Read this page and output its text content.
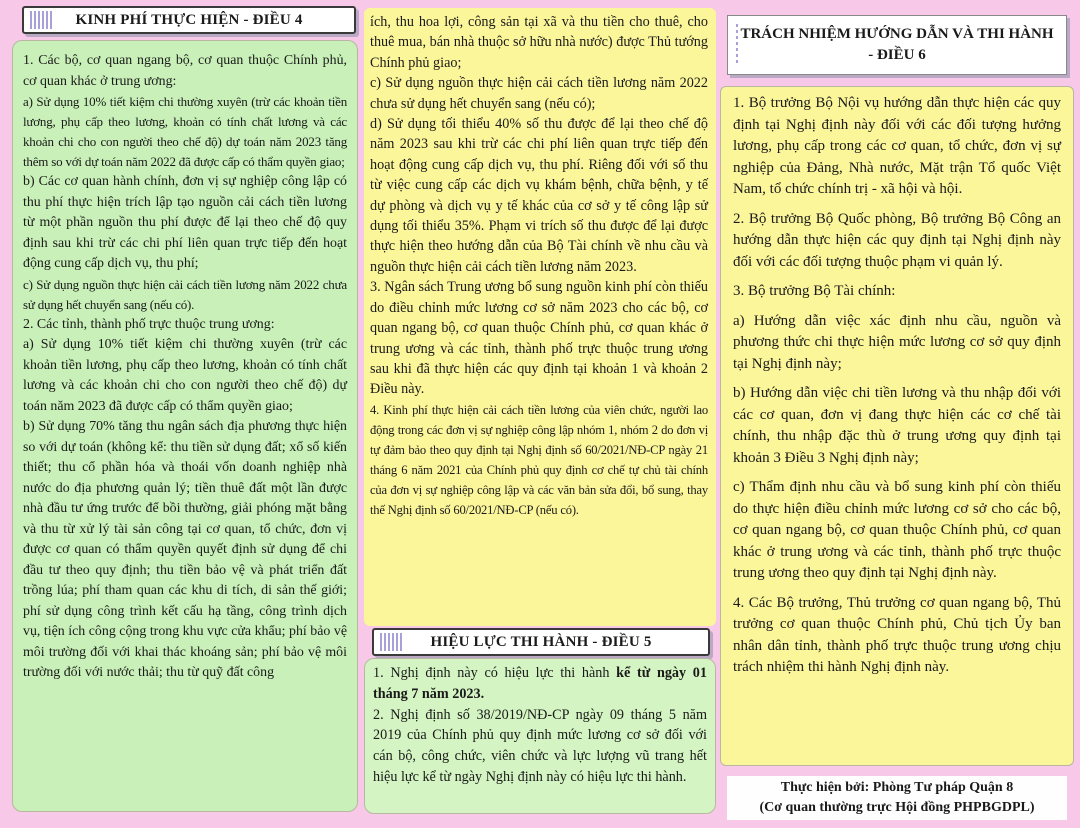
KINH PHÍ THỰC HIỆN - ĐIỀU 4

1. Các bộ, cơ quan ngang bộ, cơ quan thuộc Chính phủ, cơ quan khác ở trung ương:

a) Sử dụng 10% tiết kiệm chi thường xuyên (trừ các khoản tiền lương, phụ cấp theo lương, khoản có tính chất lương và các khoản chi cho con người theo chế độ) dự toán năm 2023 tăng thêm so với dự toán năm 2022 đã được cấp có thẩm quyền giao;

b) Các cơ quan hành chính, đơn vị sự nghiệp công lập có thu phí thực hiện trích lập tạo nguồn cải cách tiền lương từ một phần nguồn thu phí được để lại theo chế độ quy định sau khi trừ các chi phí liên quan trực tiếp đến hoạt động cung cấp dịch vụ, thu phí;

c) Sử dụng nguồn thực hiện cải cách tiền lương năm 2022 chưa sử dụng hết chuyển sang (nếu có).

2. Các tỉnh, thành phố trực thuộc trung ương:

a) Sử dụng 10% tiết kiệm chi thường xuyên (trừ các khoản tiền lương, phụ cấp theo lương, khoản có tính chất lương và các khoản chi cho con người theo chế độ) dự toán năm 2023 đã được cấp có thẩm quyền giao;

b) Sử dụng 70% tăng thu ngân sách địa phương thực hiện so với dự toán (không kể: thu tiền sử dụng đất; xổ số kiến thiết; thu cổ phần hóa và thoái vốn doanh nghiệp nhà nước do địa phương quản lý; tiền thuê đất một lần được nhà đầu tư ứng trước để bồi thường, giải phóng mặt bằng và thu từ xử lý tài sản công tại cơ quan, tổ chức, đơn vị được cơ quan có thẩm quyền quyết định sử dụng để chi đầu tư theo quy định; thu tiền bảo vệ và phát triển đất trồng lúa; phí tham quan các khu di tích, di sản thế giới; phí sử dụng công trình kết cấu hạ tầng, công trình dịch vụ, tiện ích công cộng trong khu vực cửa khẩu; phí bảo vệ môi trường đối với khai thác khoáng sản; phí bảo vệ môi trường đối với nước thải; thu từ quỹ đất công

ích, thu hoa lợi, công sản tại xã và thu tiền cho thuê, cho thuê mua, bán nhà thuộc sở hữu nhà nước) được Thủ tướng Chính phủ giao;

c) Sử dụng nguồn thực hiện cải cách tiền lương năm 2022 chưa sử dụng hết chuyển sang (nếu có);

d) Sử dụng tối thiểu 40% số thu được để lại theo chế độ năm 2023 sau khi trừ các chi phí liên quan trực tiếp đến hoạt động cung cấp dịch vụ, thu phí. Riêng đối với số thu từ việc cung cấp các dịch vụ khám bệnh, chữa bệnh, y tế dự phòng và dịch vụ y tế khác của cơ sở y tế công lập sử dụng tối thiểu 35%. Phạm vi trích số thu được để lại được thực hiện theo hướng dẫn của Bộ Tài chính về nhu cầu và nguồn thực hiện cải cách tiền lương năm 2023.

3. Ngân sách Trung ương bổ sung nguồn kinh phí còn thiếu do điều chỉnh mức lương cơ sở năm 2023 cho các bộ, cơ quan ngang bộ, cơ quan thuộc Chính phủ, cơ quan khác ở trung ương và các tỉnh, thành phố trực thuộc trung ương sau khi đã thực hiện các quy định tại khoản 1 và khoản 2 Điều này.

4. Kinh phí thực hiện cải cách tiền lương của viên chức, người lao động trong các đơn vị sự nghiệp công lập nhóm 1, nhóm 2 do đơn vị tự đảm bảo theo quy định tại Nghị định số 60/2021/NĐ-CP ngày 21 tháng 6 năm 2021 của Chính phủ quy định cơ chế tự chủ tài chính của đơn vị sự nghiệp công lập và các văn bản sửa đổi, bổ sung, thay thế Nghị định số 60/2021/NĐ-CP (nếu có).

HIỆU LỰC THI HÀNH - ĐIỀU 5

1. Nghị định này có hiệu lực thi hành kể từ ngày 01 tháng 7 năm 2023.

2. Nghị định số 38/2019/NĐ-CP ngày 09 tháng 5 năm 2019 của Chính phủ quy định mức lương cơ sở đối với cán bộ, công chức, viên chức và lực lượng vũ trang hết hiệu lực kể từ ngày Nghị định này có hiệu lực thi hành.

TRÁCH NHIỆM HƯỚNG DẪN VÀ THI HÀNH
- ĐIỀU 6

1. Bộ trưởng Bộ Nội vụ hướng dẫn thực hiện các quy định tại Nghị định này đối với các đối tượng hưởng lương, phụ cấp trong các cơ quan, tổ chức, đơn vị sự nghiệp của Đảng, Nhà nước, Mặt trận Tổ quốc Việt Nam, tổ chức chính trị - xã hội và hội.

2. Bộ trưởng Bộ Quốc phòng, Bộ trưởng Bộ Công an hướng dẫn thực hiện các quy định tại Nghị định này đối với các đối tượng thuộc phạm vi quản lý.

3. Bộ trưởng Bộ Tài chính:

a) Hướng dẫn việc xác định nhu cầu, nguồn và phương thức chi thực hiện mức lương cơ sở quy định tại Nghị định này;

b) Hướng dẫn việc chi tiền lương và thu nhập đối với các cơ quan, đơn vị đang thực hiện các cơ chế tài chính, thu nhập đặc thù ở trung ương quy định tại khoản 3 Điều 3 Nghị định này;

c) Thẩm định nhu cầu và bổ sung kinh phí còn thiếu do thực hiện điều chỉnh mức lương cơ sở cho các bộ, cơ quan ngang bộ, cơ quan thuộc Chính phủ, cơ quan khác ở trung ương và các tỉnh, thành phố trực thuộc trung ương theo quy định tại Nghị định này.

4. Các Bộ trưởng, Thủ trưởng cơ quan ngang bộ, Thủ trưởng cơ quan thuộc Chính phủ, Chủ tịch Ủy ban nhân dân tỉnh, thành phố trực thuộc trung ương chịu trách nhiệm thi hành Nghị định này.

Thực hiện bởi: Phòng Tư pháp Quận 8
(Cơ quan thường trực Hội đồng PHPBGDPL)
